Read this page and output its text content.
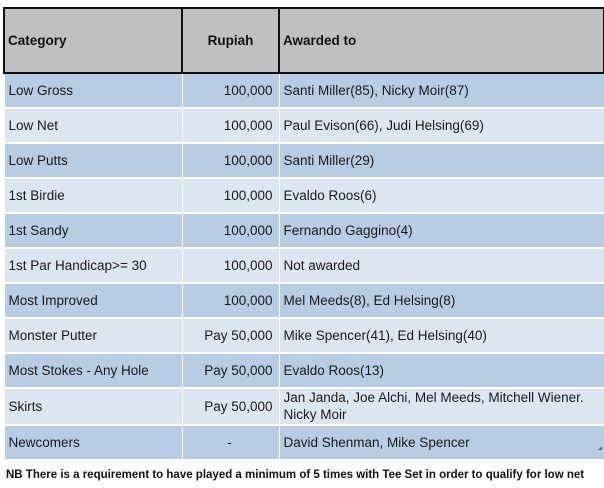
Category	Rupiah	Awarded to
Low Gross	100,000	Santi Miller(85), Nicky Moir(87)
Low Net	100,000	Paul Evison(66), Judi Helsing(69)
Low Putts	100,000	Santi Miller(29)
1st Birdie	100,000	Evaldo Roos(6)
1st Sandy	100,000	Fernando Gaggino(4)
1st Par Handicap>= 30	100,000	Not awarded
Most Improved	100,000	Mel Meeds(8), Ed Helsing(8)
Monster Putter	Pay 50,000	Mike Spencer(41), Ed Helsing(40)
Most Stokes - Any Hole	Pay 50,000	Evaldo Roos(13)
Skirts	Pay 50,000	Jan Janda, Joe Alchi, Mel Meeds, Mitchell Wiener. Nicky Moir

Newcomers	-	David Shenman, Mike Spencer
NB There is a requirement to have played a minimum of 5 times with Tee Set in order to qualify for low net
